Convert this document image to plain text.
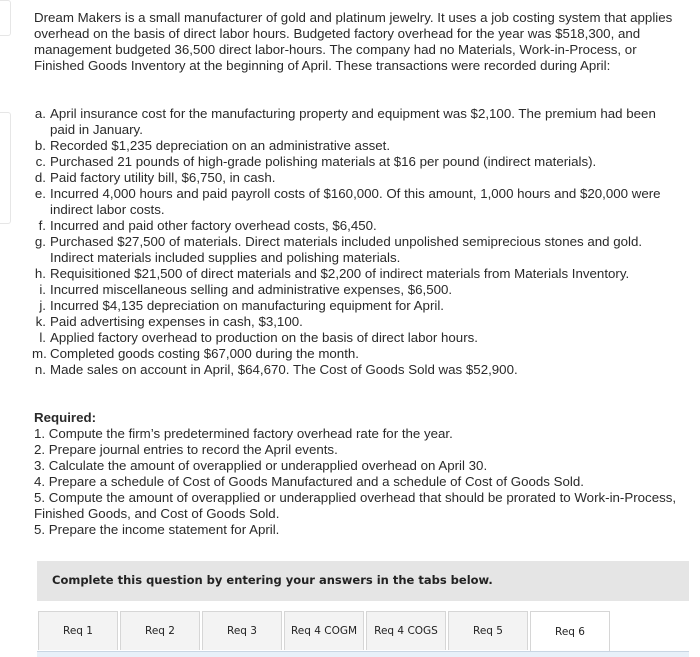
Dream Makers is a small manufacturer of gold and platinum jewelry. It uses a job costing system that applies overhead on the basis of direct labor hours. Budgeted factory overhead for the year was $518,300, and management budgeted 36,500 direct labor-hours. The company had no Materials, Work-in-Process, or Finished Goods Inventory at the beginning of April. These transactions were recorded during April:
a. April insurance cost for the manufacturing property and equipment was $2,100. The premium had been paid in January.
b. Recorded $1,235 depreciation on an administrative asset.
c. Purchased 21 pounds of high-grade polishing materials at $16 per pound (indirect materials).
d. Paid factory utility bill, $6,750, in cash.
e. Incurred 4,000 hours and paid payroll costs of $160,000. Of this amount, 1,000 hours and $20,000 were indirect labor costs.
f. Incurred and paid other factory overhead costs, $6,450.
g. Purchased $27,500 of materials. Direct materials included unpolished semiprecious stones and gold. Indirect materials included supplies and polishing materials.
h. Requisitioned $21,500 of direct materials and $2,200 of indirect materials from Materials Inventory.
i. Incurred miscellaneous selling and administrative expenses, $6,500.
j. Incurred $4,135 depreciation on manufacturing equipment for April.
k. Paid advertising expenses in cash, $3,100.
l. Applied factory overhead to production on the basis of direct labor hours.
m. Completed goods costing $67,000 during the month.
n. Made sales on account in April, $64,670. The Cost of Goods Sold was $52,900.
Required:
1. Compute the firm’s predetermined factory overhead rate for the year.
2. Prepare journal entries to record the April events.
3. Calculate the amount of overapplied or underapplied overhead on April 30.
4. Prepare a schedule of Cost of Goods Manufactured and a schedule of Cost of Goods Sold.
5. Compute the amount of overapplied or underapplied overhead that should be prorated to Work-in-Process, Finished Goods, and Cost of Goods Sold.
5. Prepare the income statement for April.
Complete this question by entering your answers in the tabs below.
Req 1	Req 2	Req 3	Req 4 COGM	Req 4 COGS	Req 5	Req 6
